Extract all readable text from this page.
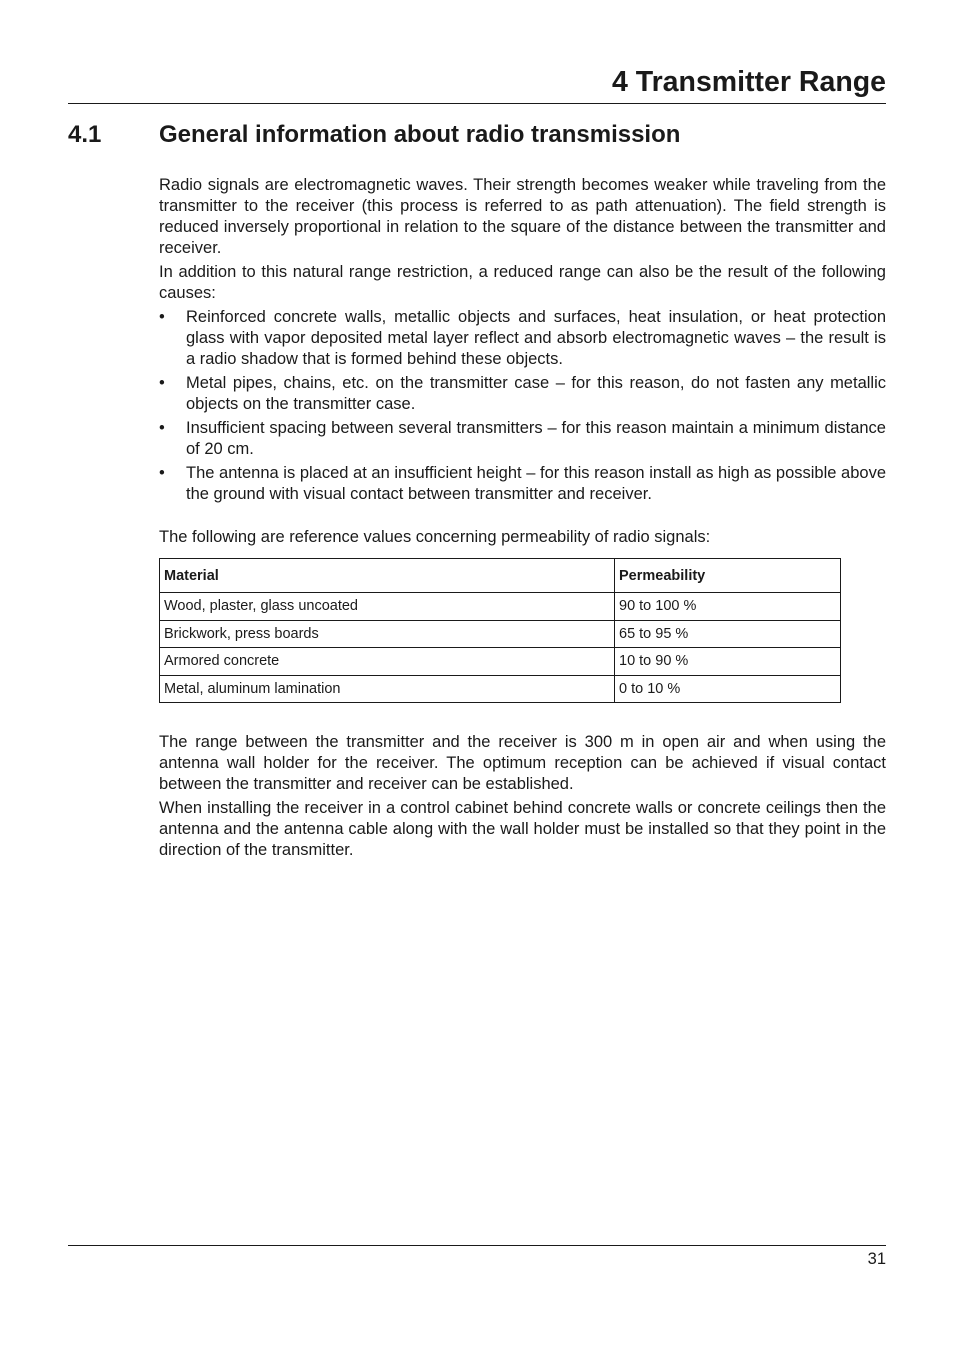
4 Transmitter Range
4.1 General information about radio transmission

Radio signals are electromagnetic waves. Their strength becomes weaker while traveling from the transmitter to the receiver (this process is referred to as path attenuation). The field strength is reduced inversely proportional in relation to the square of the distance between the transmitter and receiver.

In addition to this natural range restriction, a reduced range can also be the result of the following causes:

• Reinforced concrete walls, metallic objects and surfaces, heat insulation, or heat protection glass with vapor deposited metal layer reflect and absorb electromagnetic waves – the result is a radio shadow that is formed behind these objects.
• Metal pipes, chains, etc. on the transmitter case – for this reason, do not fasten any metallic objects on the transmitter case.
• Insufficient spacing between several transmitters – for this reason maintain a minimum distance of 20 cm.
• The antenna is placed at an insufficient height – for this reason install as high as possible above the ground with visual contact between transmitter and receiver.

The following are reference values concerning permeability of radio signals:

Material	Permeability
Wood, plaster, glass uncoated	90 to 100 %
Brickwork, press boards	65 to 95 %
Armored concrete	10 to 90 %
Metal, aluminum lamination	0 to 10 %

The range between the transmitter and the receiver is 300 m in open air and when using the antenna wall holder for the receiver. The optimum reception can be achieved if visual contact between the transmitter and receiver can be established.

When installing the receiver in a control cabinet behind concrete walls or concrete ceilings then the antenna and the antenna cable along with the wall holder must be installed so that they point in the direction of the transmitter.

31
